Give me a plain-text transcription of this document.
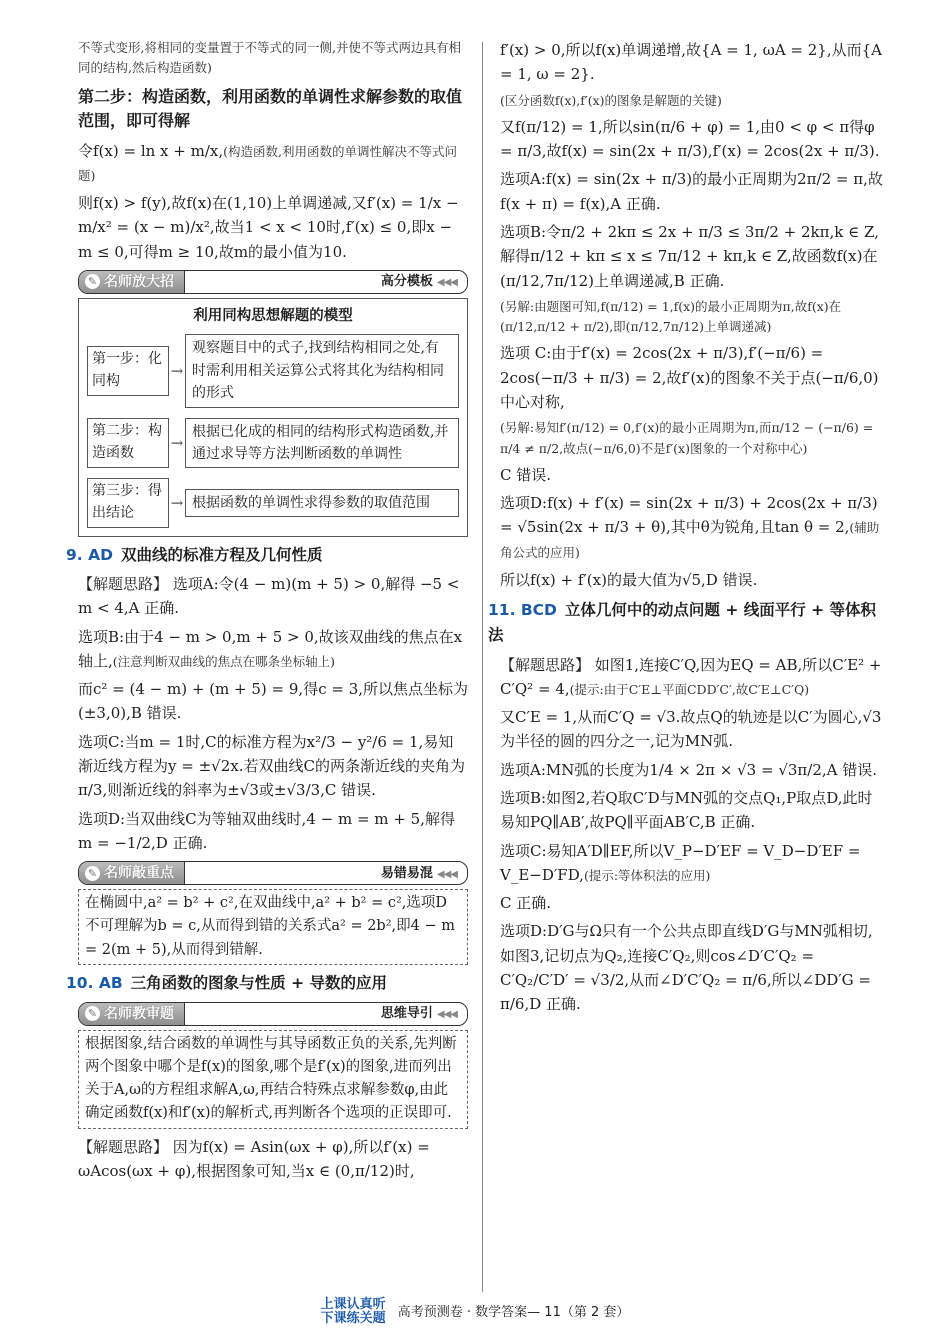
不等式变形,将相同的变量置于不等式的同一侧,并使不等式两边具有相同的结构,然后构造函数)

第二步：构造函数，利用函数的单调性求解参数的取值范围，即可得解

令f(x) = ln x + m/x,(构造函数,利用函数的单调性解决不等式问题)

则f(x) > f(y),故f(x)在(1,10)上单调递减,又f′(x) = 1/x − m/x² = (x − m)/x²,故当1 < x < 10时,f′(x) ≤ 0,即x − m ≤ 0,可得m ≥ 10,故m的最小值为10.

✎ 名师放大招	高分模板 ◀◀◀
利用同构思想解题的模型
第一步：化同构
→
观察题目中的式子,找到结构相同之处,有时需利用相关运算公式将其化为结构相同的形式
第二步：构造函数
→
根据已化成的相同的结构形式构造函数,并通过求导等方法判断函数的单调性
第三步：得出结论
→ 根据函数的单调性求得参数的取值范围
9. AD 双曲线的标准方程及几何性质

【解题思路】 选项A:令(4 − m)(m + 5) > 0,解得 −5 < m < 4,A 正确.

选项B:由于4 − m > 0,m + 5 > 0,故该双曲线的焦点在x轴上,(注意判断双曲线的焦点在哪条坐标轴上)

而c² = (4 − m) + (m + 5) = 9,得c = 3,所以焦点坐标为(±3,0),B 错误.

选项C:当m = 1时,C的标准方程为x²/3 − y²/6 = 1,易知渐近线方程为y = ±√2x.若双曲线C的两条渐近线的夹角为π/3,则渐近线的斜率为±√3或±√3/3,C 错误.

选项D:当双曲线C为等轴双曲线时,4 − m = m + 5,解得m = −1/2,D 正确.

✎ 名师敲重点	易错易混 ◀◀◀
在椭圆中,a² = b² + c²,在双曲线中,a² + b² = c²,选项D不可理解为b = c,从而得到错的关系式a² = 2b²,即4 − m = 2(m + 5),从而得到错解.
10. AB 三角函数的图象与性质 + 导数的应用
✎ 名师教审题	思维导引 ◀◀◀
根据图象,结合函数的单调性与其导函数正负的关系,先判断两个图象中哪个是f(x)的图象,哪个是f′(x)的图象,进而列出关于A,ω的方程组求解A,ω,再结合特殊点求解参数φ,由此确定函数f(x)和f′(x)的解析式,再判断各个选项的正误即可.

【解题思路】 因为f(x) = Asin(ωx + φ),所以f′(x) = ωAcos(ωx + φ),根据图象可知,当x ∈ (0,π/12)时,

f′(x) > 0,所以f(x)单调递增,故{A = 1, ωA = 2},从而{A = 1, ω = 2}.

(区分函数f(x),f′(x)的图象是解题的关键)

又f(π/12) = 1,所以sin(π/6 + φ) = 1,由0 < φ < π得φ = π/3,故f(x) = sin(2x + π/3),f′(x) = 2cos(2x + π/3).

选项A:f(x) = sin(2x + π/3)的最小正周期为2π/2 = π,故f(x + π) = f(x),A 正确.

选项B:令π/2 + 2kπ ≤ 2x + π/3 ≤ 3π/2 + 2kπ,k ∈ Z,解得π/12 + kπ ≤ x ≤ 7π/12 + kπ,k ∈ Z,故函数f(x)在(π/12,7π/12)上单调递减,B 正确.

(另解:由题图可知,f(π/12) = 1,f(x)的最小正周期为π,故f(x)在(π/12,π/12 + π/2),即(π/12,7π/12)上单调递减)

选项 C:由于f′(x) = 2cos(2x + π/3),f′(−π/6) = 2cos(−π/3 + π/3) = 2,故f′(x)的图象不关于点(−π/6,0)中心对称,

(另解:易知f′(π/12) = 0,f′(x)的最小正周期为π,而π/12 − (−π/6) = π/4 ≠ π/2,故点(−π/6,0)不是f′(x)图象的一个对称中心)

C 错误.

选项D:f(x) + f′(x) = sin(2x + π/3) + 2cos(2x + π/3) = √5sin(2x + π/3 + θ),其中θ为锐角,且tan θ = 2,(辅助角公式的应用)

所以f(x) + f′(x)的最大值为√5,D 错误.

11. BCD 立体几何中的动点问题 + 线面平行 + 等体积法

【解题思路】 如图1,连接C′Q,因为EQ = AB,所以C′E² + C′Q² = 4,(提示:由于C′E⊥平面CDD′C′,故C′E⊥C′Q)

又C′E = 1,从而C′Q = √3.故点Q的轨迹是以C′为圆心,√3为半径的圆的四分之一,记为MN弧.

选项A:MN弧的长度为1/4 × 2π × √3 = √3π/2,A 错误.

选项B:如图2,若Q取C′D与MN弧的交点Q₁,P取点D,此时易知PQ∥AB′,故PQ∥平面AB′C,B 正确.

选项C:易知A′D∥EF,所以V_P−D′EF = V_D−D′EF = V_E−D′FD,(提示:等体积法的应用)

C 正确.

选项D:D′G与Ω只有一个公共点即直线D′G与MN弧相切,如图3,记切点为Q₂,连接C′Q₂,则cos∠D′C′Q₂ = C′Q₂/C′D′ = √3/2,从而∠D′C′Q₂ = π/6,所以∠DD′G = π/6,D 正确.

上课认真听
下课练关题 高考预测卷 · 数学答案— 11（第 2 套）
